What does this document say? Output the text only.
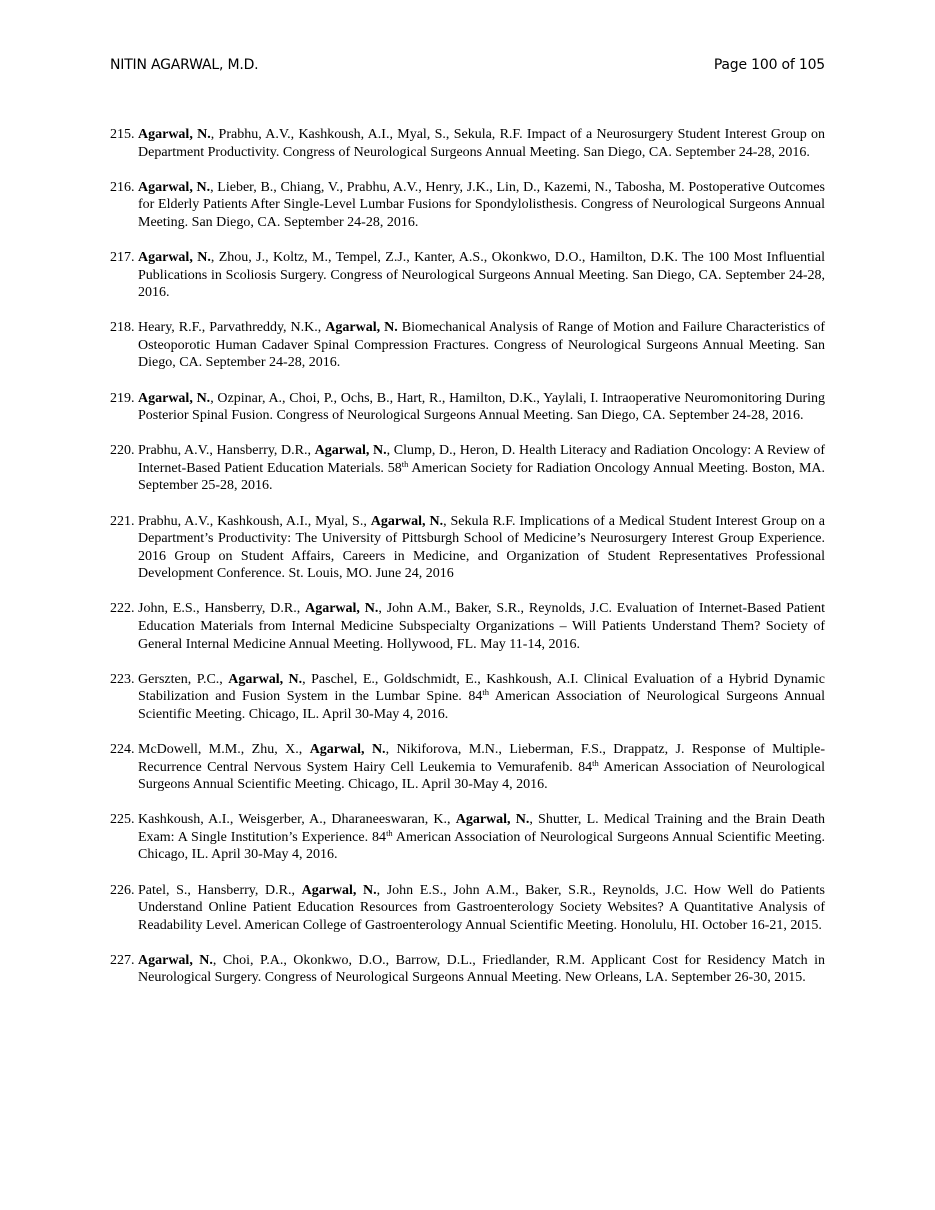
NITIN AGARWAL, M.D.	Page 100 of 105
215. Agarwal, N., Prabhu, A.V., Kashkoush, A.I., Myal, S., Sekula, R.F. Impact of a Neurosurgery Student Interest Group on Department Productivity. Congress of Neurological Surgeons Annual Meeting. San Diego, CA. September 24-28, 2016.
216. Agarwal, N., Lieber, B., Chiang, V., Prabhu, A.V., Henry, J.K., Lin, D., Kazemi, N., Tabosha, M. Postoperative Outcomes for Elderly Patients After Single-Level Lumbar Fusions for Spondylolisthesis. Congress of Neurological Surgeons Annual Meeting. San Diego, CA. September 24-28, 2016.
217. Agarwal, N., Zhou, J., Koltz, M., Tempel, Z.J., Kanter, A.S., Okonkwo, D.O., Hamilton, D.K. The 100 Most Influential Publications in Scoliosis Surgery. Congress of Neurological Surgeons Annual Meeting. San Diego, CA. September 24-28, 2016.
218. Heary, R.F., Parvathreddy, N.K., Agarwal, N. Biomechanical Analysis of Range of Motion and Failure Characteristics of Osteoporotic Human Cadaver Spinal Compression Fractures. Congress of Neurological Surgeons Annual Meeting. San Diego, CA. September 24-28, 2016.
219. Agarwal, N., Ozpinar, A., Choi, P., Ochs, B., Hart, R., Hamilton, D.K., Yaylali, I. Intraoperative Neuromonitoring During Posterior Spinal Fusion. Congress of Neurological Surgeons Annual Meeting. San Diego, CA. September 24-28, 2016.
220. Prabhu, A.V., Hansberry, D.R., Agarwal, N., Clump, D., Heron, D. Health Literacy and Radiation Oncology: A Review of Internet-Based Patient Education Materials. 58th American Society for Radiation Oncology Annual Meeting. Boston, MA. September 25-28, 2016.
221. Prabhu, A.V., Kashkoush, A.I., Myal, S., Agarwal, N., Sekula R.F. Implications of a Medical Student Interest Group on a Department’s Productivity: The University of Pittsburgh School of Medicine’s Neurosurgery Interest Group Experience. 2016 Group on Student Affairs, Careers in Medicine, and Organization of Student Representatives Professional Development Conference. St. Louis, MO. June 24, 2016
222. John, E.S., Hansberry, D.R., Agarwal, N., John A.M., Baker, S.R., Reynolds, J.C. Evaluation of Internet-Based Patient Education Materials from Internal Medicine Subspecialty Organizations – Will Patients Understand Them? Society of General Internal Medicine Annual Meeting. Hollywood, FL. May 11-14, 2016.
223. Gerszten, P.C., Agarwal, N., Paschel, E., Goldschmidt, E., Kashkoush, A.I. Clinical Evaluation of a Hybrid Dynamic Stabilization and Fusion System in the Lumbar Spine. 84th American Association of Neurological Surgeons Annual Scientific Meeting. Chicago, IL. April 30-May 4, 2016.
224. McDowell, M.M., Zhu, X., Agarwal, N., Nikiforova, M.N., Lieberman, F.S., Drappatz, J. Response of Multiple-Recurrence Central Nervous System Hairy Cell Leukemia to Vemurafenib. 84th American Association of Neurological Surgeons Annual Scientific Meeting. Chicago, IL. April 30-May 4, 2016.
225. Kashkoush, A.I., Weisgerber, A., Dharaneeswaran, K., Agarwal, N., Shutter, L. Medical Training and the Brain Death Exam: A Single Institution’s Experience. 84th American Association of Neurological Surgeons Annual Scientific Meeting. Chicago, IL. April 30-May 4, 2016.
226. Patel, S., Hansberry, D.R., Agarwal, N., John E.S., John A.M., Baker, S.R., Reynolds, J.C. How Well do Patients Understand Online Patient Education Resources from Gastroenterology Society Websites? A Quantitative Analysis of Readability Level. American College of Gastroenterology Annual Scientific Meeting. Honolulu, HI. October 16-21, 2015.
227. Agarwal, N., Choi, P.A., Okonkwo, D.O., Barrow, D.L., Friedlander, R.M. Applicant Cost for Residency Match in Neurological Surgery. Congress of Neurological Surgeons Annual Meeting. New Orleans, LA. September 26-30, 2015.
